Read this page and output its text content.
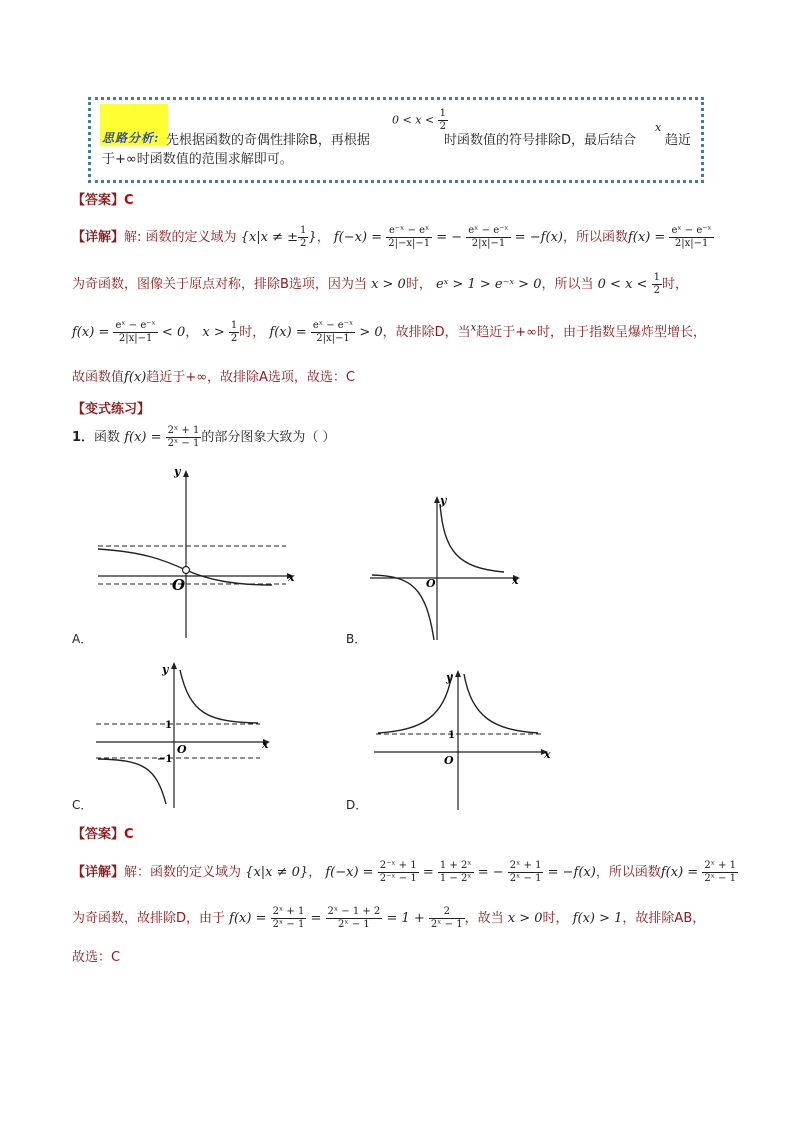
思路分析: 先根据函数的奇偶性排除B，再根据
$0 < x < \frac{1}{2}$
时函数值的符号排除D，最后结合
x
趋近
于+∞时函数值的范围求解即可。
【答案】C
【详解】解: 函数的定义域为 {x|x ≠ ± $\frac{1}{2}$ }， $f(-x) = \frac{\text{e⁻ˣ − eˣ}}{2|-x|-1}$ = − $\frac{\text{eˣ − e⁻ˣ}}{2|x|-1} = -f(x)$，所以函数$f(x) = \frac{\text{eˣ − e⁻ˣ}}{2|x|-1}$
为奇函数，图像关于原点对称，排除B选项，因为当 x > 0时， eˣ > 1 > e⁻ˣ > 0，所以当 $0 < x < \frac{1}{2}$ 时，
$f(x) = \frac{\text{eˣ − e⁻ˣ}}{2|x|-1} < 0$， $x > \frac{1}{2}$ 时， $f(x) = \frac{\text{eˣ − e⁻ˣ}}{2|x|-1} > 0$，故排除D，当$^x$趋近于+∞时，由于指数呈爆炸型增长，
故函数值f(x)趋近于+∞，故排除A选项，故选：C
【变式练习】
1．函数 $f(x) = \frac{\text{2ˣ + 1}}{\text{2ˣ − 1}}$ 的部分图象大致为（ ）
O	x
y
A．
O	x
y
B．
y
x
O
1
−1
C．
y
x
O
1
D．
【答案】C
【详解】解：函数的定义域为 {x|x ≠ 0}， $f(-x) = \frac{\text{2⁻ˣ + 1}}{\text{2⁻ˣ − 1}} = \frac{\text{1 + 2ˣ}}{\text{1 − 2ˣ}}$ = − $\frac{\text{2ˣ + 1}}{\text{2ˣ − 1}} = -f(x)$，所以函数$f(x) = \frac{\text{2ˣ + 1}}{\text{2ˣ − 1}}$
为奇函数，故排除D，由于 $f(x) = \frac{\text{2ˣ + 1}}{\text{2ˣ − 1}} = \frac{\text{2ˣ − 1 + 2}}{\text{2ˣ − 1}} = 1 + \frac{2}{\text{2ˣ − 1}}$ ，故当 x > 0时， f(x) > 1，故排除AB，
故选：C
